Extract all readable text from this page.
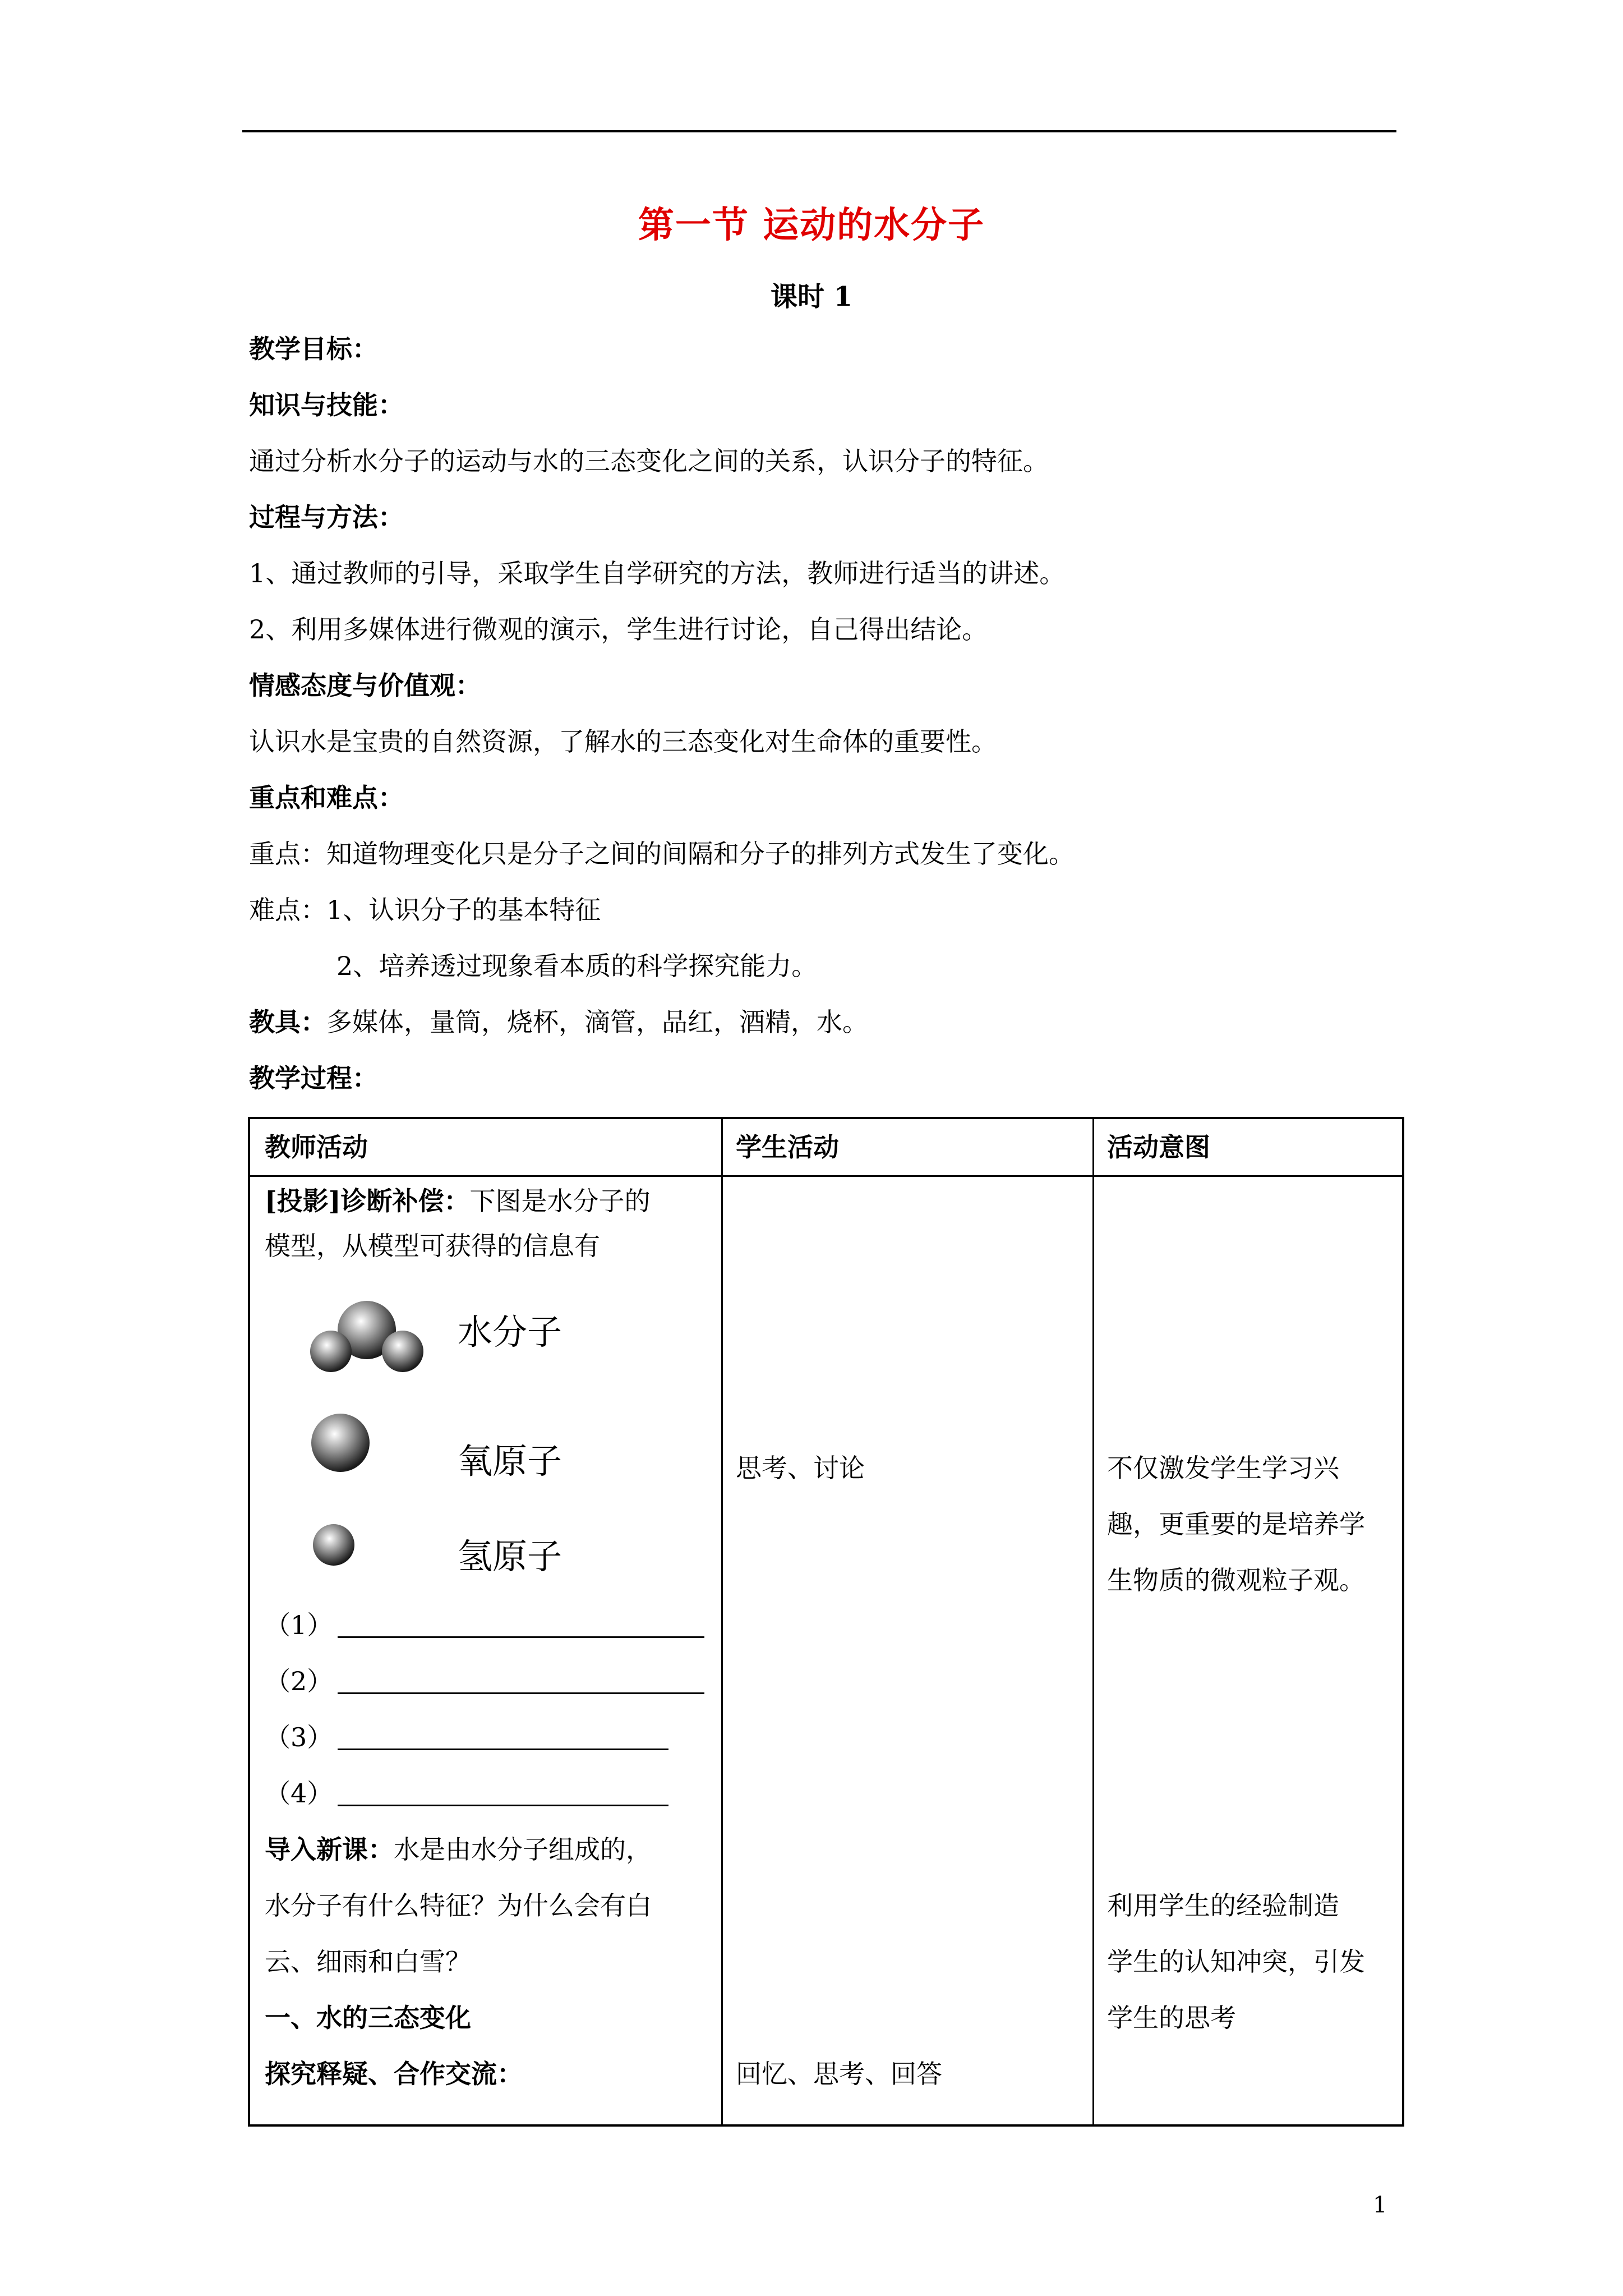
第一节 运动的水分子
课时 1
教学目标：
知识与技能：
通过分析水分子的运动与水的三态变化之间的关系，认识分子的特征。
过程与方法：
1、通过教师的引导，采取学生自学研究的方法，教师进行适当的讲述。
2、利用多媒体进行微观的演示，学生进行讨论，自己得出结论。
情感态度与价值观：
认识水是宝贵的自然资源，了解水的三态变化对生命体的重要性。
重点和难点：
重点：知道物理变化只是分子之间的间隔和分子的排列方式发生了变化。
难点：1、认识分子的基本特征
2、培养透过现象看本质的科学探究能力。
教具：多媒体，量筒，烧杯，滴管，品红，酒精，水。
教学过程：
教师活动	学生活动	活动意图
[投影]诊断补偿：下图是水分子的
模型，从模型可获得的信息有
水分子
氧原子
氢原子
（1）
（2）
（3）
（4）
导入新课：水是由水分子组成的，
水分子有什么特征？为什么会有白
云、细雨和白雪？
一、水的三态变化
探究释疑、合作交流：
思考、讨论
回忆、思考、回答
不仅激发学生学习兴
趣，更重要的是培养学
生物质的微观粒子观。
利用学生的经验制造
学生的认知冲突，引发
学生的思考
1
